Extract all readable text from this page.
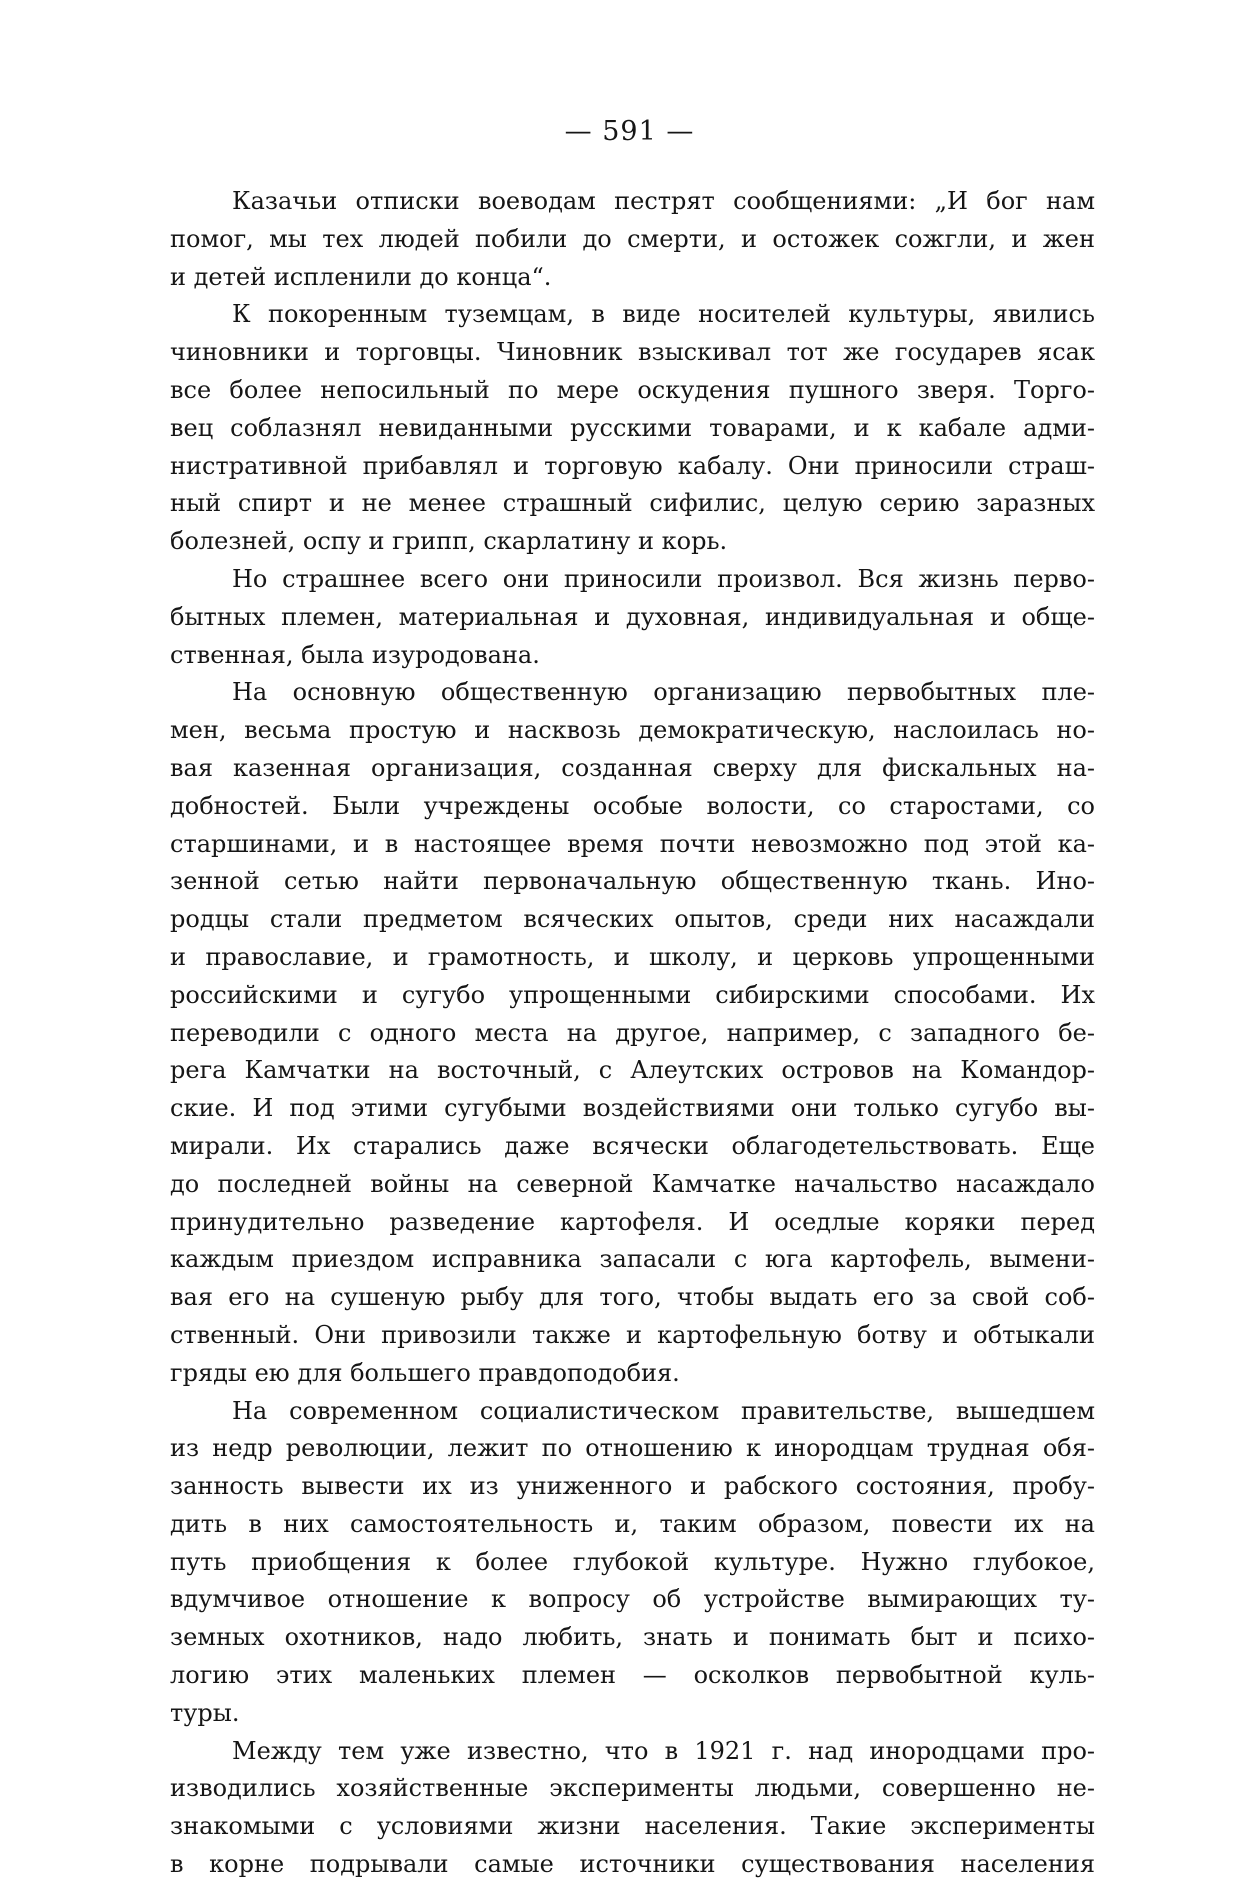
— 591 —

Казачьи отписки воеводам пестрят сообщениями: „И бог нам
помог, мы тех людей побили до смерти, и остожек сожгли, и жен
и детей испленили до конца“.
К покоренным туземцам, в виде носителей культуры, явились
чиновники и торговцы. Чиновник взыскивал тот же государев ясак
все более непосильный по мере оскудения пушного зверя. Торго-
вец соблазнял невиданными русскими товарами, и к кабале адми-
нистративной прибавлял и торговую кабалу. Они приносили страш-
ный спирт и не менее страшный сифилис, целую серию заразных
болезней, оспу и грипп, скарлатину и корь.
Но страшнее всего они приносили произвол. Вся жизнь перво-
бытных племен, материальная и духовная, индивидуальная и обще-
ственная, была изуродована.
На основную общественную организацию первобытных пле-
мен, весьма простую и насквозь демократическую, наслоилась но-
вая казенная организация, созданная сверху для фискальных на-
добностей. Были учреждены особые волости, со старостами, со
старшинами, и в настоящее время почти невозможно под этой ка-
зенной сетью найти первоначальную общественную ткань. Ино-
родцы стали предметом всяческих опытов, среди них насаждали
и православие, и грамотность, и школу, и церковь упрощенными
российскими и сугубо упрощенными сибирскими способами. Их
переводили с одного места на другое, например, с западного бе-
рега Камчатки на восточный, с Алеутских островов на Командор-
ские. И под этими сугубыми воздействиями они только сугубо вы-
мирали. Их старались даже всячески облагодетельствовать. Еще
до последней войны на северной Камчатке начальство насаждало
принудительно разведение картофеля. И оседлые коряки перед
каждым приездом исправника запасали с юга картофель, вымени-
вая его на сушеную рыбу для того, чтобы выдать его за свой соб-
ственный. Они привозили также и картофельную ботву и обтыкали
гряды ею для большего правдоподобия.
На современном социалистическом правительстве, вышедшем
из недр революции, лежит по отношению к инородцам трудная обя-
занность вывести их из униженного и рабского состояния, пробу-
дить в них самостоятельность и, таким образом, повести их на
путь приобщения к более глубокой культуре. Нужно глубокое,
вдумчивое отношение к вопросу об устройстве вымирающих ту-
земных охотников, надо любить, знать и понимать быт и психо-
логию этих маленьких племен — осколков первобытной куль-
туры.
Между тем уже известно, что в 1921 г. над инородцами про-
изводились хозяйственные эксперименты людьми, совершенно не-
знакомыми с условиями жизни населения. Такие эксперименты
в корне подрывали самые источники существования населения
